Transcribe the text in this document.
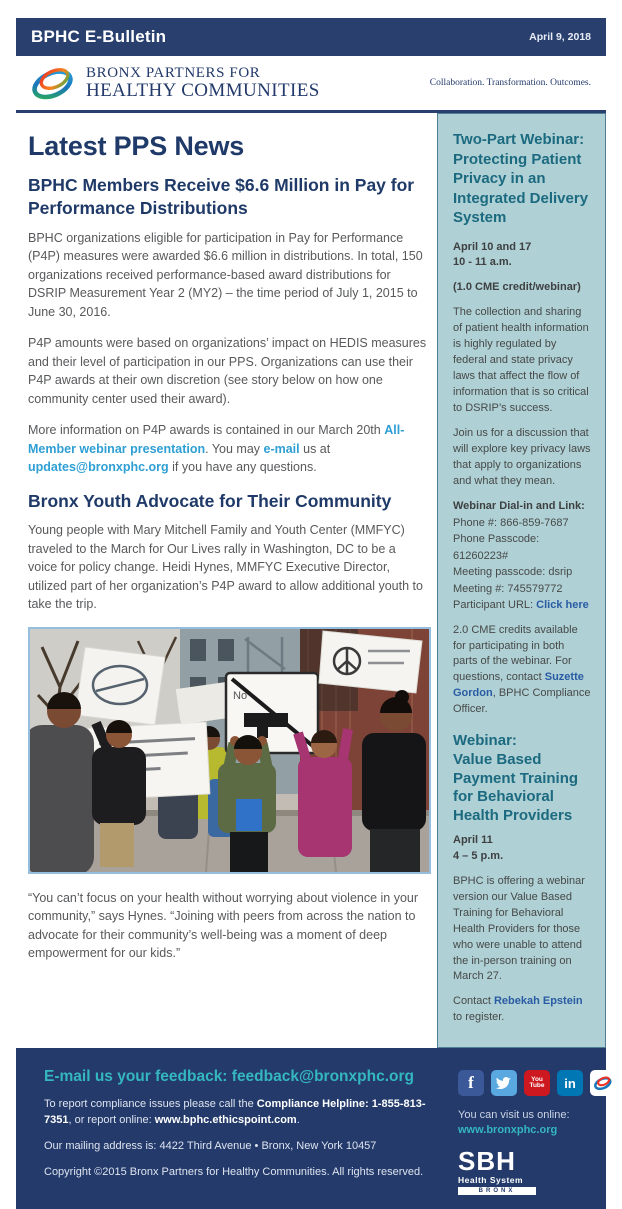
BPHC E-Bulletin	April 9, 2018
BRONX PARTNERS FOR
HEALTHY COMMUNITIES	Collaboration. Transformation. Outcomes.
Latest PPS News
BPHC Members Receive $6.6 Million in Pay for Performance Distributions

BPHC organizations eligible for participation in Pay for Performance (P4P) measures were awarded $6.6 million in distributions. In total, 150 organizations received performance-based award distributions for DSRIP Measurement Year 2 (MY2) – the time period of July 1, 2015 to June 30, 2016.

P4P amounts were based on organizations’ impact on HEDIS measures and their level of participation in our PPS. Organizations can use their P4P awards at their own discretion (see story below on how one community center used their award).

More information on P4P awards is contained in our March 20th All-Member webinar presentation. You may e-mail us at updates@bronxphc.org if you have any questions.

Bronx Youth Advocate for Their Community

Young people with Mary Mitchell Family and Youth Center (MMFYC) traveled to the March for Our Lives rally in Washington, DC to be a voice for policy change. Heidi Hynes, MMFYC Executive Director, utilized part of her organization’s P4P award to allow additional youth to take the trip.

No

“You can’t focus on your health without worrying about violence in your community,” says Hynes. “Joining with peers from across the nation to advocate for their community’s well-being was a moment of deep empowerment for our kids.”

Two-Part Webinar: Protecting Patient Privacy in an Integrated Delivery System
April 10 and 17
10 - 11 a.m.
(1.0 CME credit/webinar)

The collection and sharing of patient health information is highly regulated by federal and state privacy laws that affect the flow of information that is so critical to DSRIP’s success.

Join us for a discussion that will explore key privacy laws that apply to organizations and what they mean.

Webinar Dial-in and Link:
Phone #: 866-859-7687
Phone Passcode: 61260223#
Meeting passcode: dsrip
Meeting #: 745579772
Participant URL: Click here

2.0 CME credits available for participating in both parts of the webinar. For questions, contact Suzette Gordon, BPHC Compliance Officer.

Webinar:
Value Based Payment Training for Behavioral Health Providers
April 11
4 – 5 p.m.

BPHC is offering a webinar version our Value Based Training for Behavioral Health Providers for those who were unable to attend the in-person training on March 27.

Contact Rebekah Epstein to register.

E-mail us your feedback: feedback@bronxphc.org

To report compliance issues please call the Compliance Helpline: 1-855-813-7351, or report online: www.bphc.ethicspoint.com.

Our mailing address is: 4422 Third Avenue • Bronx, New York 10457

Copyright ©2015 Bronx Partners for Healthy Communities. All rights reserved.

f	You
Tube in
You can visit us online:
www.bronxphc.org
SBH
Health System
BRONX
